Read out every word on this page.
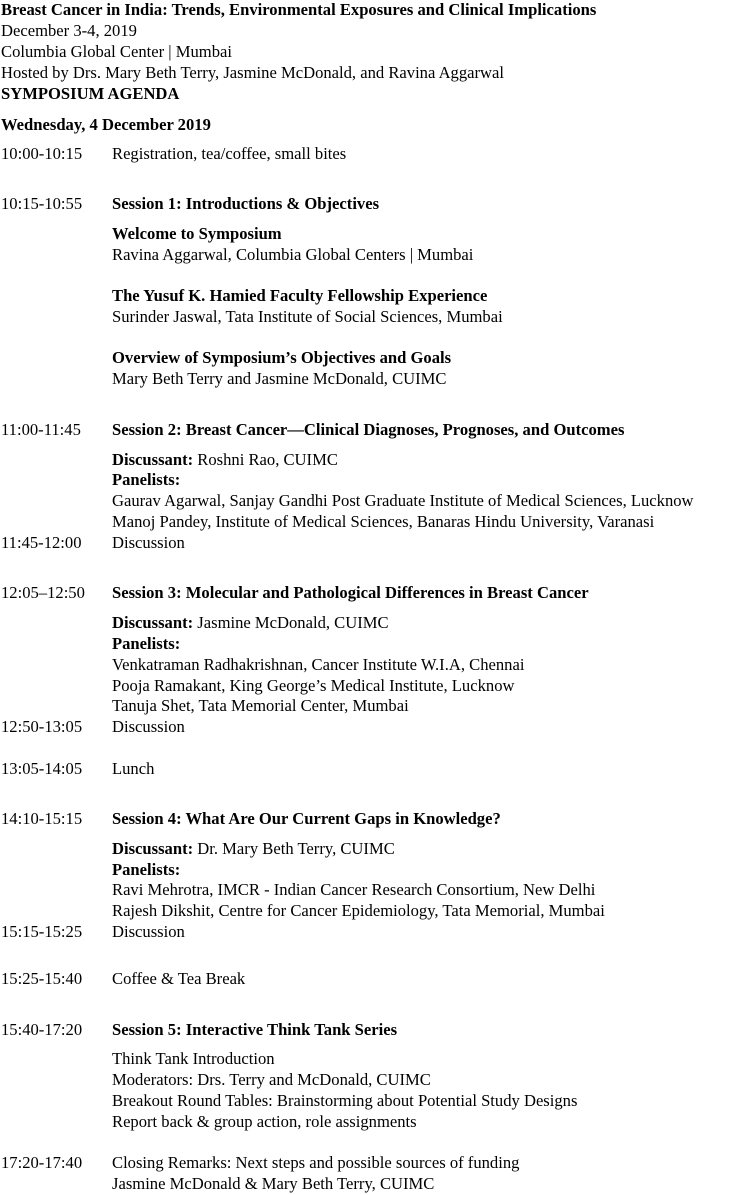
Breast Cancer in India: Trends, Environmental Exposures and Clinical Implications
December 3-4, 2019
Columbia Global Center | Mumbai
Hosted by Drs. Mary Beth Terry, Jasmine McDonald, and Ravina Aggarwal
SYMPOSIUM AGENDA
Wednesday, 4 December 2019
10:00-10:15 Registration, tea/coffee, small bites
10:15-10:55 Session 1: Introductions & Objectives
Welcome to Symposium
Ravina Aggarwal, Columbia Global Centers | Mumbai
The Yusuf K. Hamied Faculty Fellowship Experience
Surinder Jaswal, Tata Institute of Social Sciences, Mumbai
Overview of Symposium’s Objectives and Goals
Mary Beth Terry and Jasmine McDonald, CUIMC
11:00-11:45 Session 2: Breast Cancer—Clinical Diagnoses, Prognoses, and Outcomes
Discussant: Roshni Rao, CUIMC
Panelists:
Gaurav Agarwal, Sanjay Gandhi Post Graduate Institute of Medical Sciences, Lucknow
Manoj Pandey, Institute of Medical Sciences, Banaras Hindu University, Varanasi
11:45-12:00 Discussion
12:05–12:50 Session 3: Molecular and Pathological Differences in Breast Cancer
Discussant: Jasmine McDonald, CUIMC
Panelists:
Venkatraman Radhakrishnan, Cancer Institute W.I.A, Chennai
Pooja Ramakant, King George’s Medical Institute, Lucknow
Tanuja Shet, Tata Memorial Center, Mumbai
12:50-13:05 Discussion
13:05-14:05 Lunch
14:10-15:15 Session 4: What Are Our Current Gaps in Knowledge?
Discussant: Dr. Mary Beth Terry, CUIMC
Panelists:
Ravi Mehrotra, IMCR - Indian Cancer Research Consortium, New Delhi
Rajesh Dikshit, Centre for Cancer Epidemiology, Tata Memorial, Mumbai
15:15-15:25 Discussion
15:25-15:40 Coffee & Tea Break
15:40-17:20 Session 5: Interactive Think Tank Series
Think Tank Introduction
Moderators: Drs. Terry and McDonald, CUIMC
Breakout Round Tables: Brainstorming about Potential Study Designs
Report back & group action, role assignments
17:20-17:40 Closing Remarks: Next steps and possible sources of funding
Jasmine McDonald & Mary Beth Terry, CUIMC
